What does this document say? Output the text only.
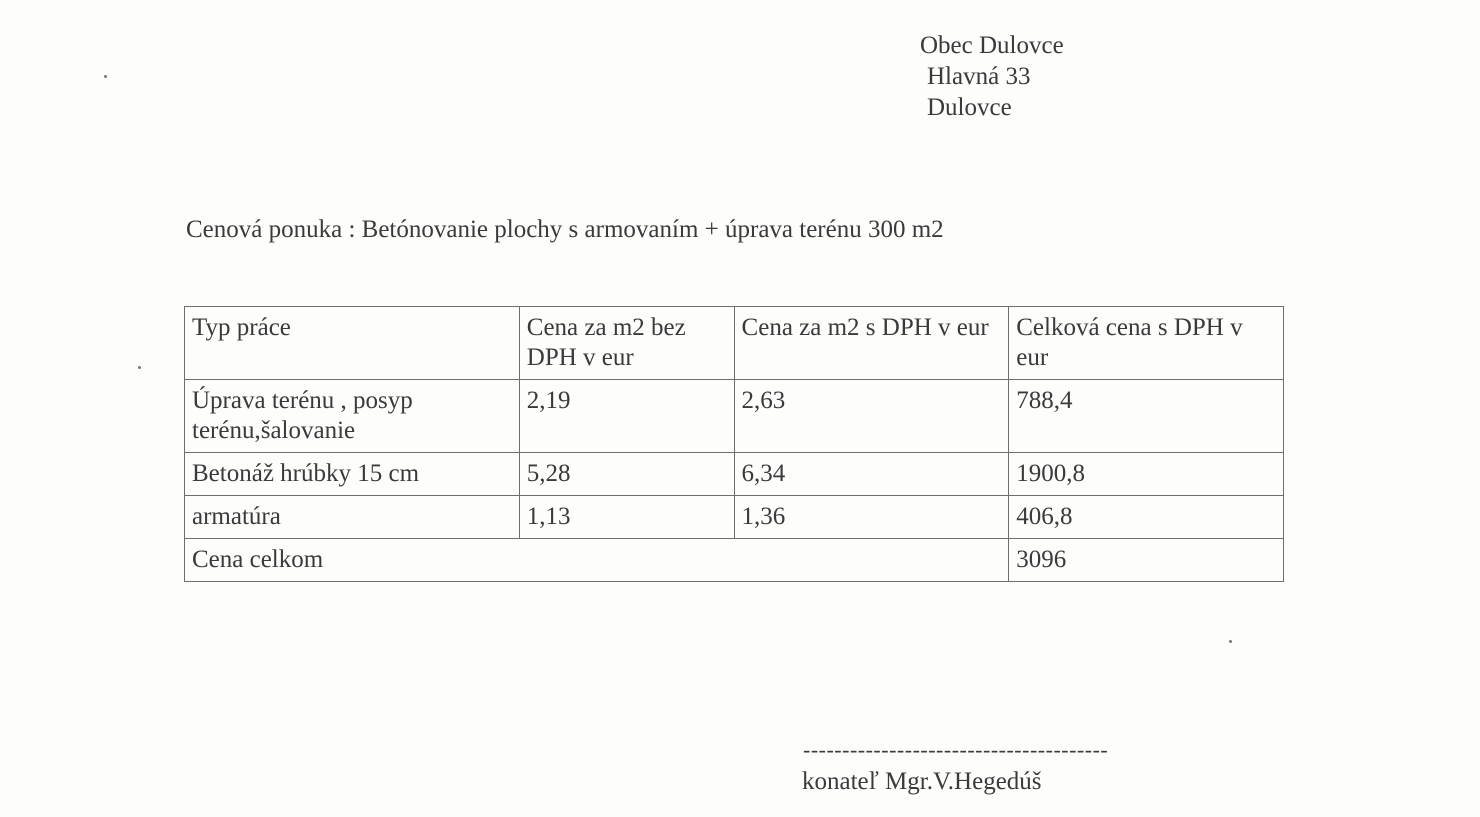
Obec Dulovce
Hlavná 33
Dulovce
Cenová ponuka : Betónovanie plochy s armovaním + úprava terénu 300 m2
Typ práce	Cena za m2 bez DPH v eur	Cena za m2 s DPH v eur	Celková cena s DPH v eur
Úprava terénu , posyp terénu,šalovanie	2,19	2,63	788,4
Betonáž hrúbky 15 cm	5,28	6,34	1900,8
armatúra	1,13	1,36	406,8
Cena celkom			3096
---------------------------------------
konateľ Mgr.V.Hegedúš
